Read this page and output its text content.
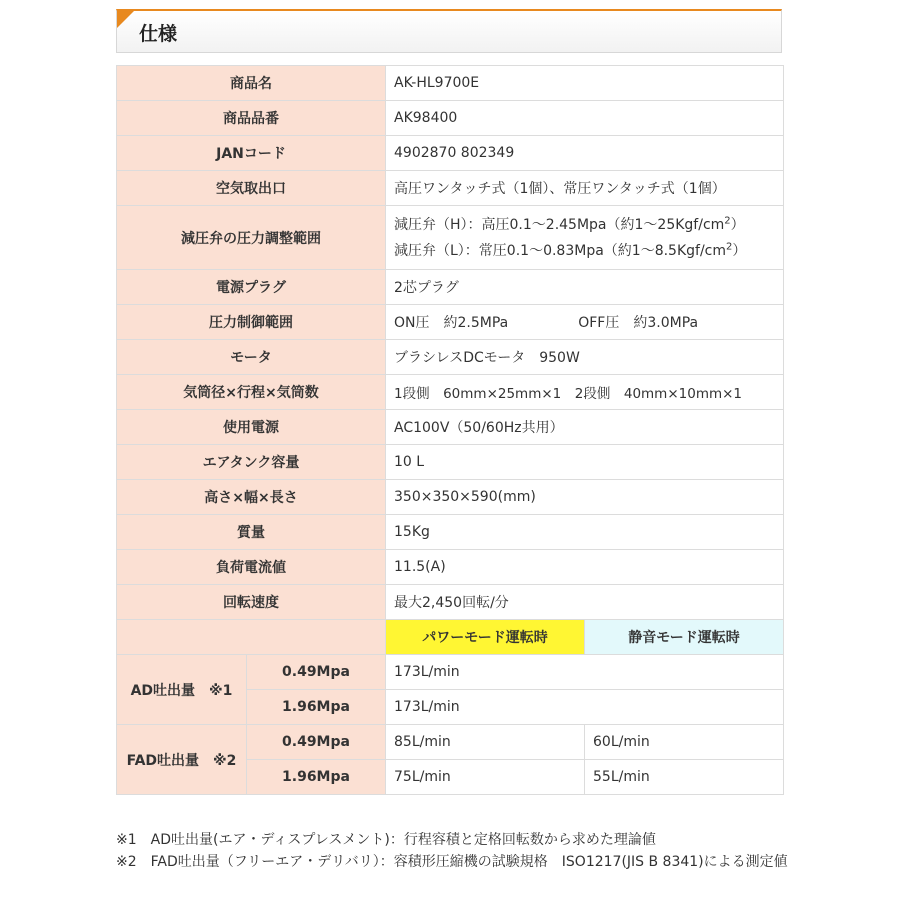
仕様
商品名		AK-HL9700E	
商品品番		AK98400	
JANコード		4902870 802349	
空気取出口		高圧ワンタッチ式（1個）、常圧ワンタッチ式（1個）	
減圧弁の圧力調整範囲		減圧弁（H）：高圧0.1～2.45Mpa（約$1\sim 25Kgf/cm^2$）
減圧弁（L）：常圧0.1～0.83Mpa（約$1\sim 8.5Kgf/cm^2$）	

電源プラグ		2芯プラグ	
圧力制御範囲		ON圧　約2.5MPa　　　　　OFF圧　約3.0MPa	
モータ		ブラシレスDCモータ　950W	
気筒径×行程×気筒数		1段側　60mm×25mm×1　2段側　40mm×10mm×1	
使用電源		AC100V（50/60Hz共用）	
エアタンク容量		10 L	
高さ×幅×長さ		350×350×590(mm)	
質量		15Kg	
負荷電流値		11.5(A)	
回転速度		最大2,450回転/分	
		パワーモード運転時	静音モード運転時
AD吐出量　※1	0.49Mpa	173L/min	
	1.96Mpa	173L/min	
FAD吐出量　※2	0.49Mpa	85L/min	60L/min
	1.96Mpa	75L/min	55L/min

※1　AD吐出量(エア・ディスプレスメント)：行程容積と定格回転数から求めた理論値

※2　FAD吐出量（フリーエア・デリバリ）：容積形圧縮機の試験規格　ISO1217(JIS B 8341)による測定値
